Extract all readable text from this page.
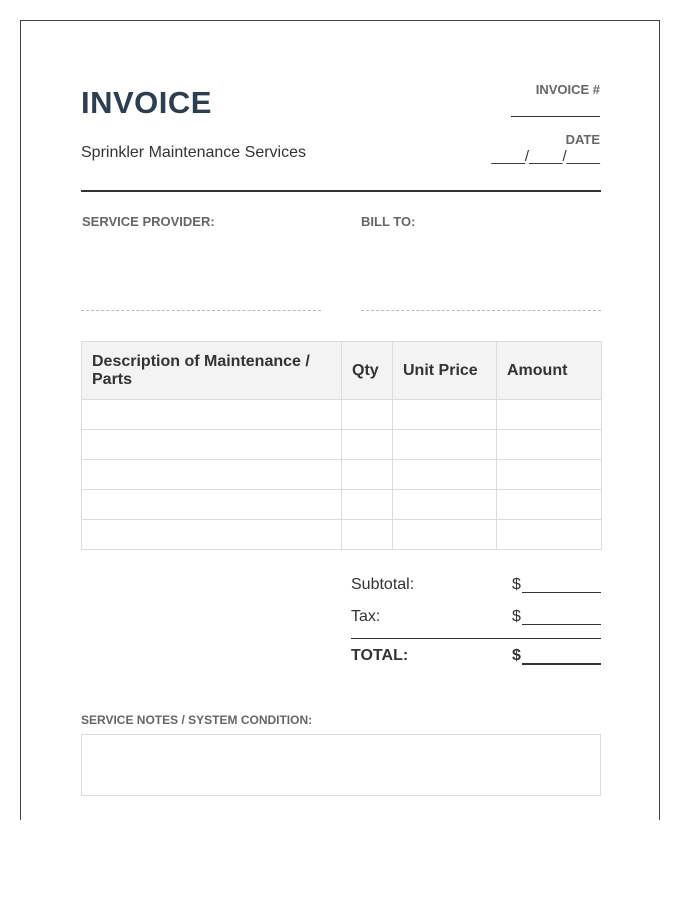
INVOICE
Sprinkler Maintenance Services
INVOICE #
DATE
____/____/____
SERVICE PROVIDER:	BILL TO:
Description of Maintenance / Parts	Qty	Unit Price	Amount

Subtotal:	$
Tax:	$
TOTAL:	$
SERVICE NOTES / SYSTEM CONDITION:
